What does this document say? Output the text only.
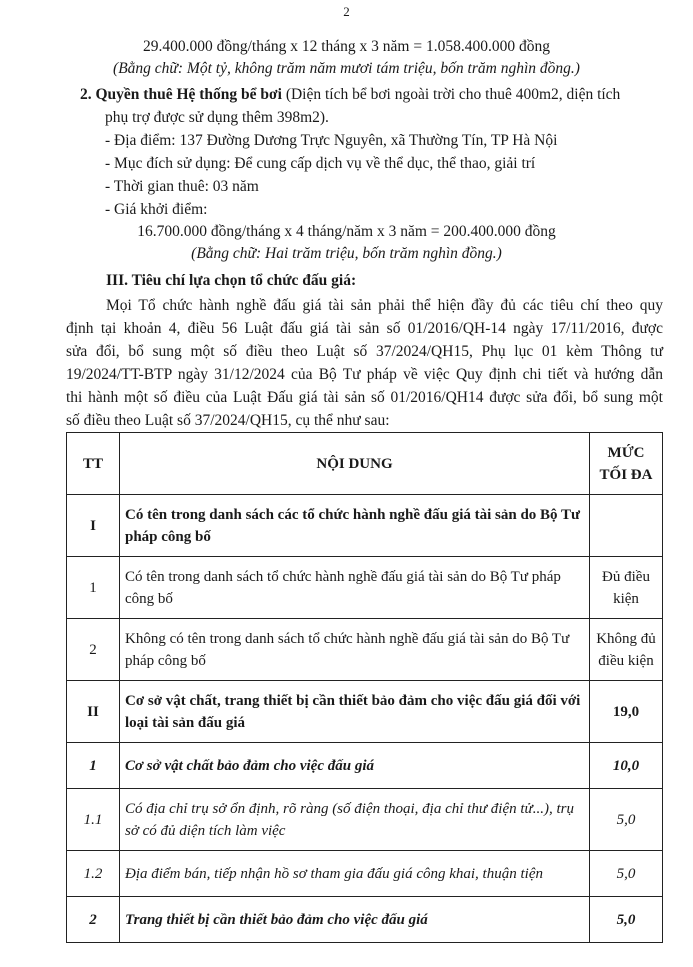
2
29.400.000 đồng/tháng x 12 tháng x 3 năm = 1.058.400.000 đồng
(Bằng chữ: Một tỷ, không trăm năm mươi tám triệu, bốn trăm nghìn đồng.)
2. Quyền thuê Hệ thống bể bơi (Diện tích bể bơi ngoài trời cho thuê 400m2, diện tích
phụ trợ được sử dụng thêm 398m2).
- Địa điểm: 137 Đường Dương Trực Nguyên, xã Thường Tín, TP Hà Nội
- Mục đích sử dụng: Để cung cấp dịch vụ về thể dục, thể thao, giải trí
- Thời gian thuê: 03 năm
- Giá khởi điểm:
16.700.000 đồng/tháng x 4 tháng/năm x 3 năm = 200.400.000 đồng
(Bằng chữ: Hai trăm triệu, bốn trăm nghìn đồng.)
III. Tiêu chí lựa chọn tổ chức đấu giá:
Mọi Tổ chức hành nghề đấu giá tài sản phải thể hiện đầy đủ các tiêu chí theo quy
định tại khoản 4, điều 56 Luật đấu giá tài sản số 01/2016/QH-14 ngày 17/11/2016, được
sửa đổi, bổ sung một số điều theo Luật số 37/2024/QH15, Phụ lục 01 kèm Thông tư
19/2024/TT-BTP ngày 31/12/2024 của Bộ Tư pháp về việc Quy định chi tiết và hướng dẫn
thi hành một số điều của Luật Đấu giá tài sản số 01/2016/QH14 được sửa đổi, bổ sung một
số điều theo Luật số 37/2024/QH15, cụ thể như sau:
TT	NỘI DUNG	MỨC TỐI ĐA
I	Có tên trong danh sách các tổ chức hành nghề đấu giá tài sản do Bộ Tư pháp công bố	
1	Có tên trong danh sách tổ chức hành nghề đấu giá tài sản do Bộ Tư pháp công bố	Đủ điều kiện
2	Không có tên trong danh sách tổ chức hành nghề đấu giá tài sản do Bộ Tư pháp công bố	Không đủ điều kiện
II	Cơ sở vật chất, trang thiết bị cần thiết bảo đảm cho việc đấu giá đối với loại tài sản đấu giá	19,0
1	Cơ sở vật chất bảo đảm cho việc đấu giá	10,0
1.1	Có địa chỉ trụ sở ổn định, rõ ràng (số điện thoại, địa chỉ thư điện tử...), trụ sở có đủ diện tích làm việc	5,0
1.2	Địa điểm bán, tiếp nhận hồ sơ tham gia đấu giá công khai, thuận tiện	5,0
2	Trang thiết bị cần thiết bảo đảm cho việc đấu giá	5,0
